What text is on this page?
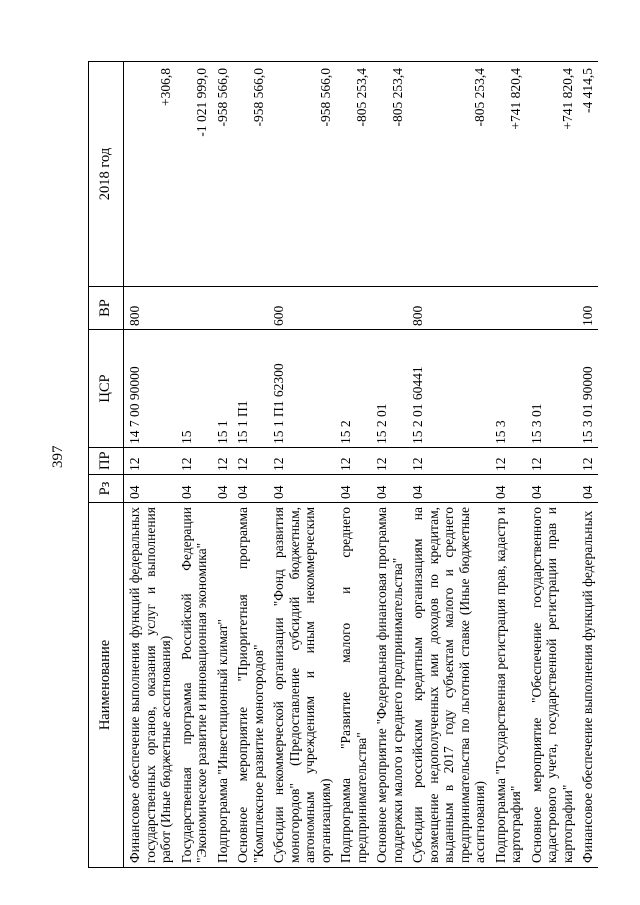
397
Наименование	Рз	ПР	ЦСР	ВР	2018 год
Финансовое обеспечение выполнения функций федеральных государственных органов, оказания услуг и выполнения работ (Иные бюджетные ассигнования)	04	12	14 7 00 90000	800	+306,8
Государственная программа Российской Федерации "Экономическое развитие и инновационная экономика"	04	12	15		-1 021 999,0
Подпрограмма "Инвестиционный климат"	04	12	15 1		-958 566,0
Основное мероприятие "Приоритетная программа "Комплексное развитие моногородов"	04	12	15 1 П1		-958 566,0
Субсидии некоммерческой организации "Фонд развития моногородов" (Предоставление субсидий бюджетным, автономным учреждениям и иным некоммерческим организациям)	04	12	15 1 П1 62300	600	-958 566,0
Подпрограмма "Развитие малого и среднего предпринимательства"	04	12	15 2		-805 253,4
Основное мероприятие "Федеральная финансовая программа поддержки малого и среднего предпринимательства"	04	12	15 2 01		-805 253,4
Субсидии российским кредитным организациям на возмещение недополученных ими доходов по кредитам, выданным в 2017 году субъектам малого и среднего предпринимательства по льготной ставке (Иные бюджетные ассигнования)	04	12	15 2 01 60441	800	-805 253,4
Подпрограмма "Государственная регистрация прав, кадастр и картография"	04	12	15 3		+741 820,4
Основное мероприятие "Обеспечение государственного кадастрового учета, государственной регистрации прав и картографии"	04	12	15 3 01		+741 820,4
Финансовое обеспечение выполнения функций федеральных	04	12	15 3 01 90000	100	-4 414,5
